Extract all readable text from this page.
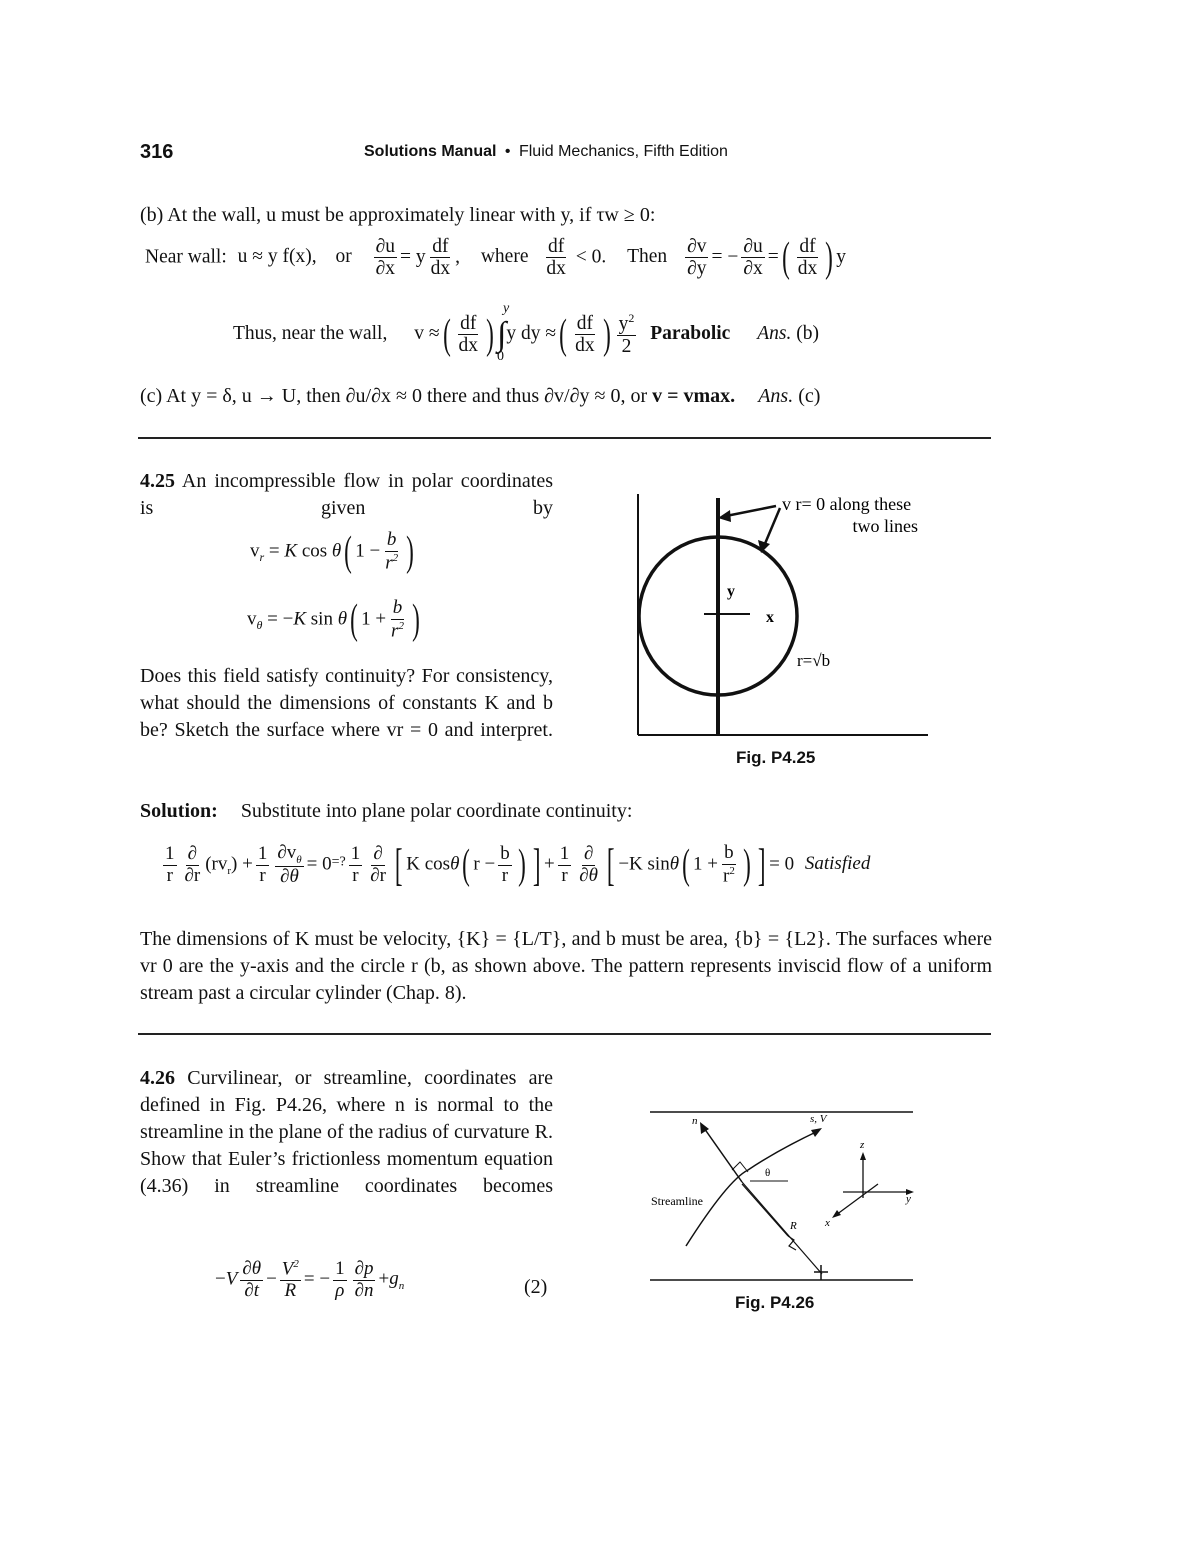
316	Solutions Manual • Fluid Mechanics, Fifth Edition
(b) At the wall, u must be approximately linear with y, if τw ≥ 0:
Near wall: u ≈ y f(x), or $\frac{\partial u}{\partial x} = y \frac{df}{dx}$ , where $\frac{df}{dx} < 0$. Then $\frac{\partial v}{\partial y}$ = − $\frac{\partial u}{\partial x}$ =( $\frac{df}{dx}$ ) y
Thus, near the wall, v ≈( $\frac{df}{dx}$ )∫
y
0
y dy ≈( $\frac{df}{dx}$ ) $\frac{y^2}{2}$ Parabolic Ans. (b)
(c) At y = δ, u → U, then ∂u/∂x ≈ 0 there and thus ∂v/∂y ≈ 0, or v = vmax. Ans. (c)
4.25 An incompressible flow in polar coordinates is given by
$v_r = K$ cos θ( $1 - \frac{b}{r^2}$ )
$v_\theta = -K$ sin θ( $1 + \frac{b}{r^2}$ )
Does this field satisfy continuity? For consistency, what should the dimensions of constants K and b be? Sketch the surface where vr = 0 and interpret.
v r= 0 along these
two lines
y
x
r=√b
Fig. P4.25
Solution: Substitute into plane polar coordinate continuity:
$\frac{1}{r} \frac{\partial}{\partial r} (rv_r) + \frac{1}{r} \frac{\partial v_\theta}{\partial\theta} = 0^{=?} \frac{1}{r} \frac{\partial}{\partial r}$ [ K cosθ( $r - \frac{b}{r}$ ) ] + $\frac{1}{r} \frac{\partial}{\partial\theta}$ [ −K sinθ( $1 + \frac{b}{r^2}$ ) ] = 0 Satisfied
The dimensions of K must be velocity, {K} = {L/T}, and b must be area, {b} = {L2}. The surfaces where vr 0 are the y-axis and the circle r (b, as shown above. The pattern represents inviscid flow of a uniform stream past a circular cylinder (Chap. 8).
4.26 Curvilinear, or streamline, coordinates are defined in Fig. P4.26, where n is normal to the streamline in the plane of the radius of curvature R. Show that Euler’s frictionless momentum equation (4.36) in streamline coordinates becomes
$-V \frac{\partial\theta}{\partial t} - \frac{V^2}{R}$ = − $\frac{1}{\rho} \frac{\partial p}{\partial n} +g_n$	(2)
n	s, V
θ
Streamline
R
z
y
x
Fig. P4.26
